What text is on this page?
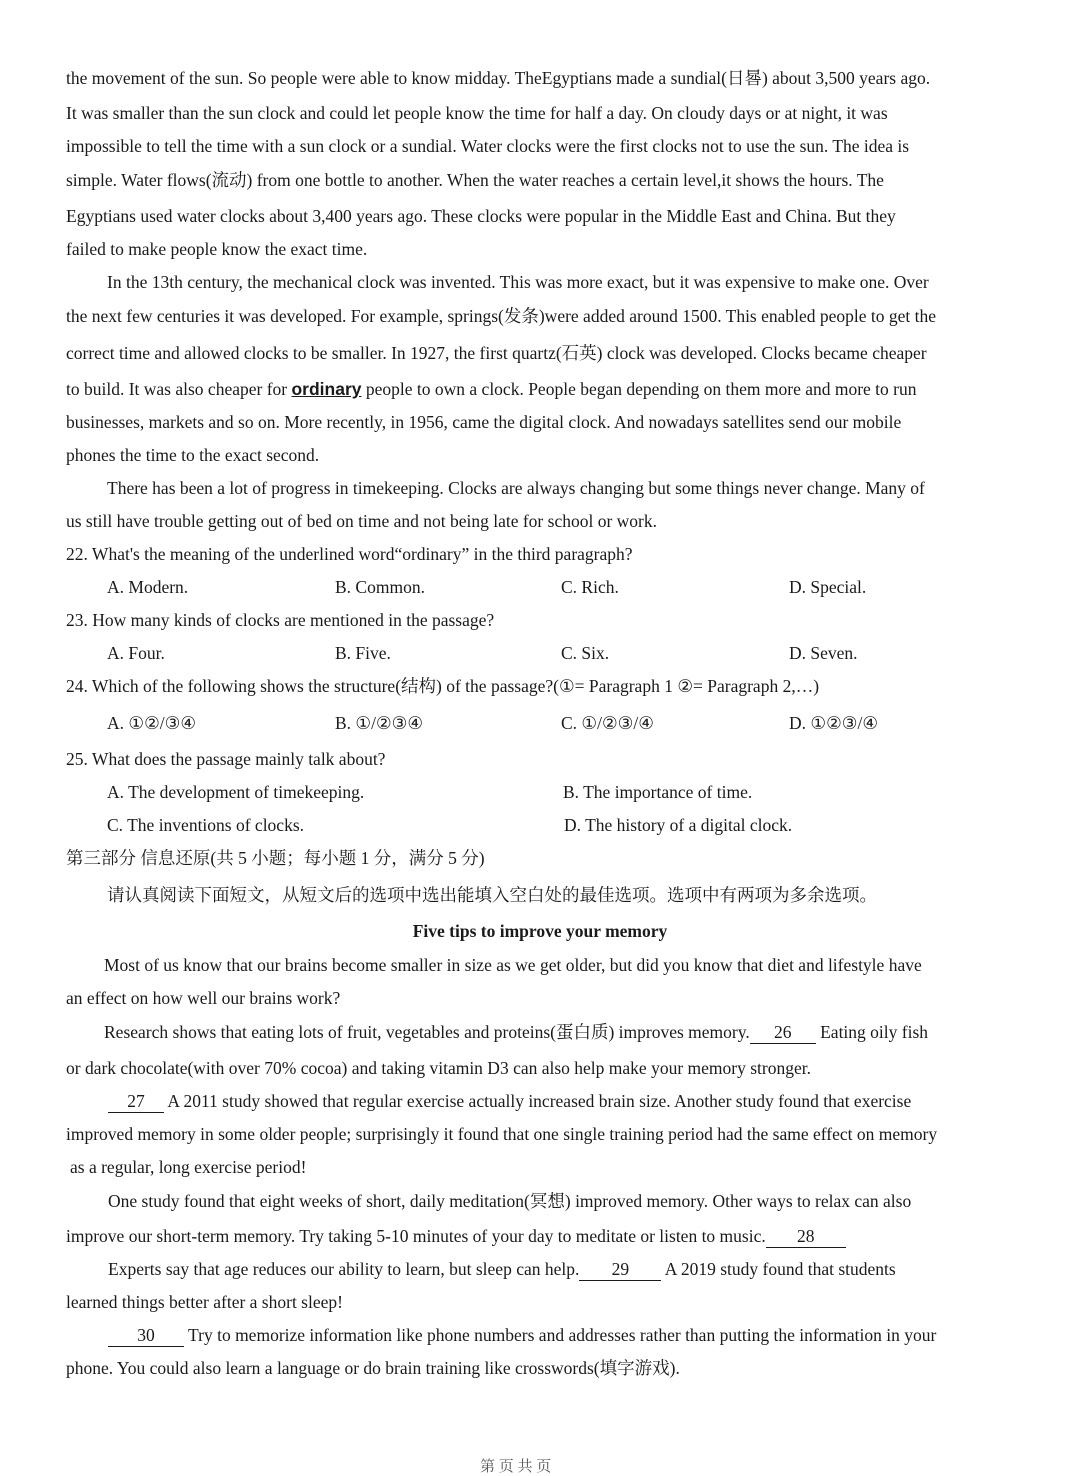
the movement of the sun. So people were able to know midday. TheEgyptians made a sundial(日晷) about 3,500 years ago.
It was smaller than the sun clock and could let people know the time for half a day. On cloudy days or at night, it was
impossible to tell the time with a sun clock or a sundial. Water clocks were the first clocks not to use the sun. The idea is
simple. Water flows(流动) from one bottle to another. When the water reaches a certain level,it shows the hours. The
Egyptians used water clocks about 3,400 years ago. These clocks were popular in the Middle East and China. But they
failed to make people know the exact time.
In the 13th century, the mechanical clock was invented. This was more exact, but it was expensive to make one. Over
the next few centuries it was developed. For example, springs(发条)were added around 1500. This enabled people to get the
correct time and allowed clocks to be smaller. In 1927, the first quartz(石英) clock was developed. Clocks became cheaper
to build. It was also cheaper for ordinary people to own a clock. People began depending on them more and more to run
businesses, markets and so on. More recently, in 1956, came the digital clock. And nowadays satellites send our mobile
phones the time to the exact second.
There has been a lot of progress in timekeeping. Clocks are always changing but some things never change. Many of
us still have trouble getting out of bed on time and not being late for school or work.
22. What's the meaning of the underlined word“ordinary” in the third paragraph?
A. Modern.	B. Common.	C. Rich.	D. Special.
23. How many kinds of clocks are mentioned in the passage?
A. Four.	B. Five.	C. Six.	D. Seven.
24. Which of the following shows the structure(结构) of the passage?(①= Paragraph 1 ②= Paragraph 2,…)
A. ①②/③④	B. ①/②③④	C. ①/②③/④	D. ①②③/④
25. What does the passage mainly talk about?
A. The development of timekeeping.	B. The importance of time.
C. The inventions of clocks.	D. The history of a digital clock.
第三部分 信息还原(共 5 小题；每小题 1 分，满分 5 分)
请认真阅读下面短文，从短文后的选项中选出能填入空白处的最佳选项。选项中有两项为多余选项。
Five tips to improve your memory
Most of us know that our brains become smaller in size as we get older, but did you know that diet and lifestyle have
an effect on how well our brains work?
Research shows that eating lots of fruit, vegetables and proteins(蛋白质) improves memory. 26 Eating oily fish
or dark chocolate(with over 70% cocoa) and taking vitamin D3 can also help make your memory stronger.
27 A 2011 study showed that regular exercise actually increased brain size. Another study found that exercise
improved memory in some older people; surprisingly it found that one single training period had the same effect on memory
as a regular, long exercise period!
One study found that eight weeks of short, daily meditation(冥想) improved memory. Other ways to relax can also
improve our short-term memory. Try taking 5-10 minutes of your day to meditate or listen to music. 28
Experts say that age reduces our ability to learn, but sleep can help. 29 A 2019 study found that students
learned things better after a short sleep!
30 Try to memorize information like phone numbers and addresses rather than putting the information in your
phone. You could also learn a language or do brain training like crosswords(填字游戏).
第 页 共 页
